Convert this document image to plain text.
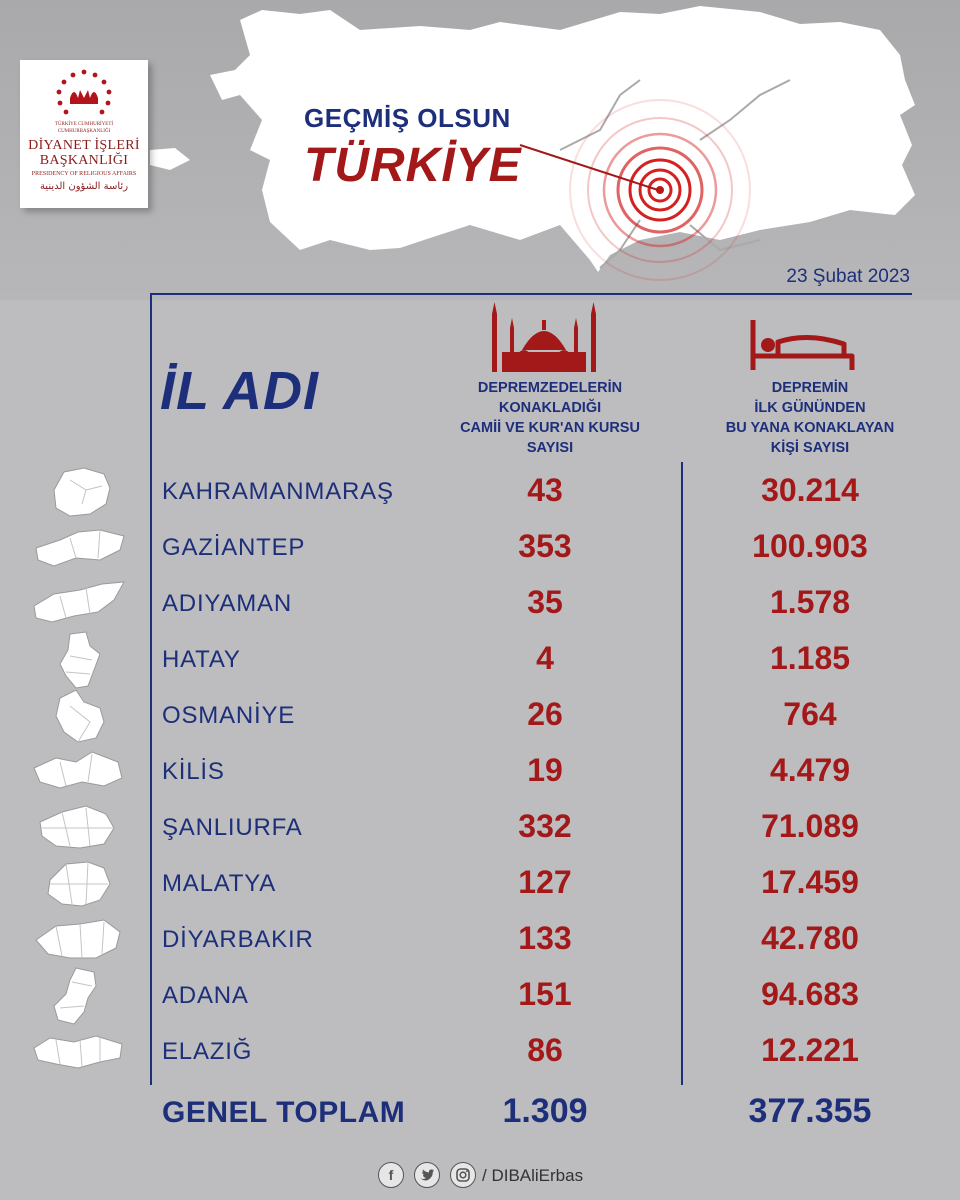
TÜRKİYE CUMHURİYETİ
CUMHURBAŞKANLIĞI
DİYANET İŞLERİ
BAŞKANLIĞI
PRESIDENCY OF RELIGIOUS AFFAIRS
رئاسة الشؤون الدينية
GEÇMİŞ OLSUN
TÜRKİYE
23 Şubat 2023
İL ADI	DEPREMZEDELERİN
KONAKLADIĞI
CAMİİ VE KUR'AN KURSU
SAYISI
DEPREMİN
İLK GÜNÜNDEN
BU YANA KONAKLAYAN
KİŞİ SAYISI
KAHRAMANMARAŞ	43	30.214
GAZİANTEP	353	100.903
ADIYAMAN	35	1.578
HATAY	4	1.185
OSMANİYE	26	764
KİLİS	19	4.479
ŞANLIURFA	332	71.089
MALATYA	127	17.459
DİYARBAKIR	133	42.780
ADANA	151	94.683
ELAZIĞ	86	12.221
GENEL TOPLAM	1.309	377.355
f	/ DIBAliErbas
